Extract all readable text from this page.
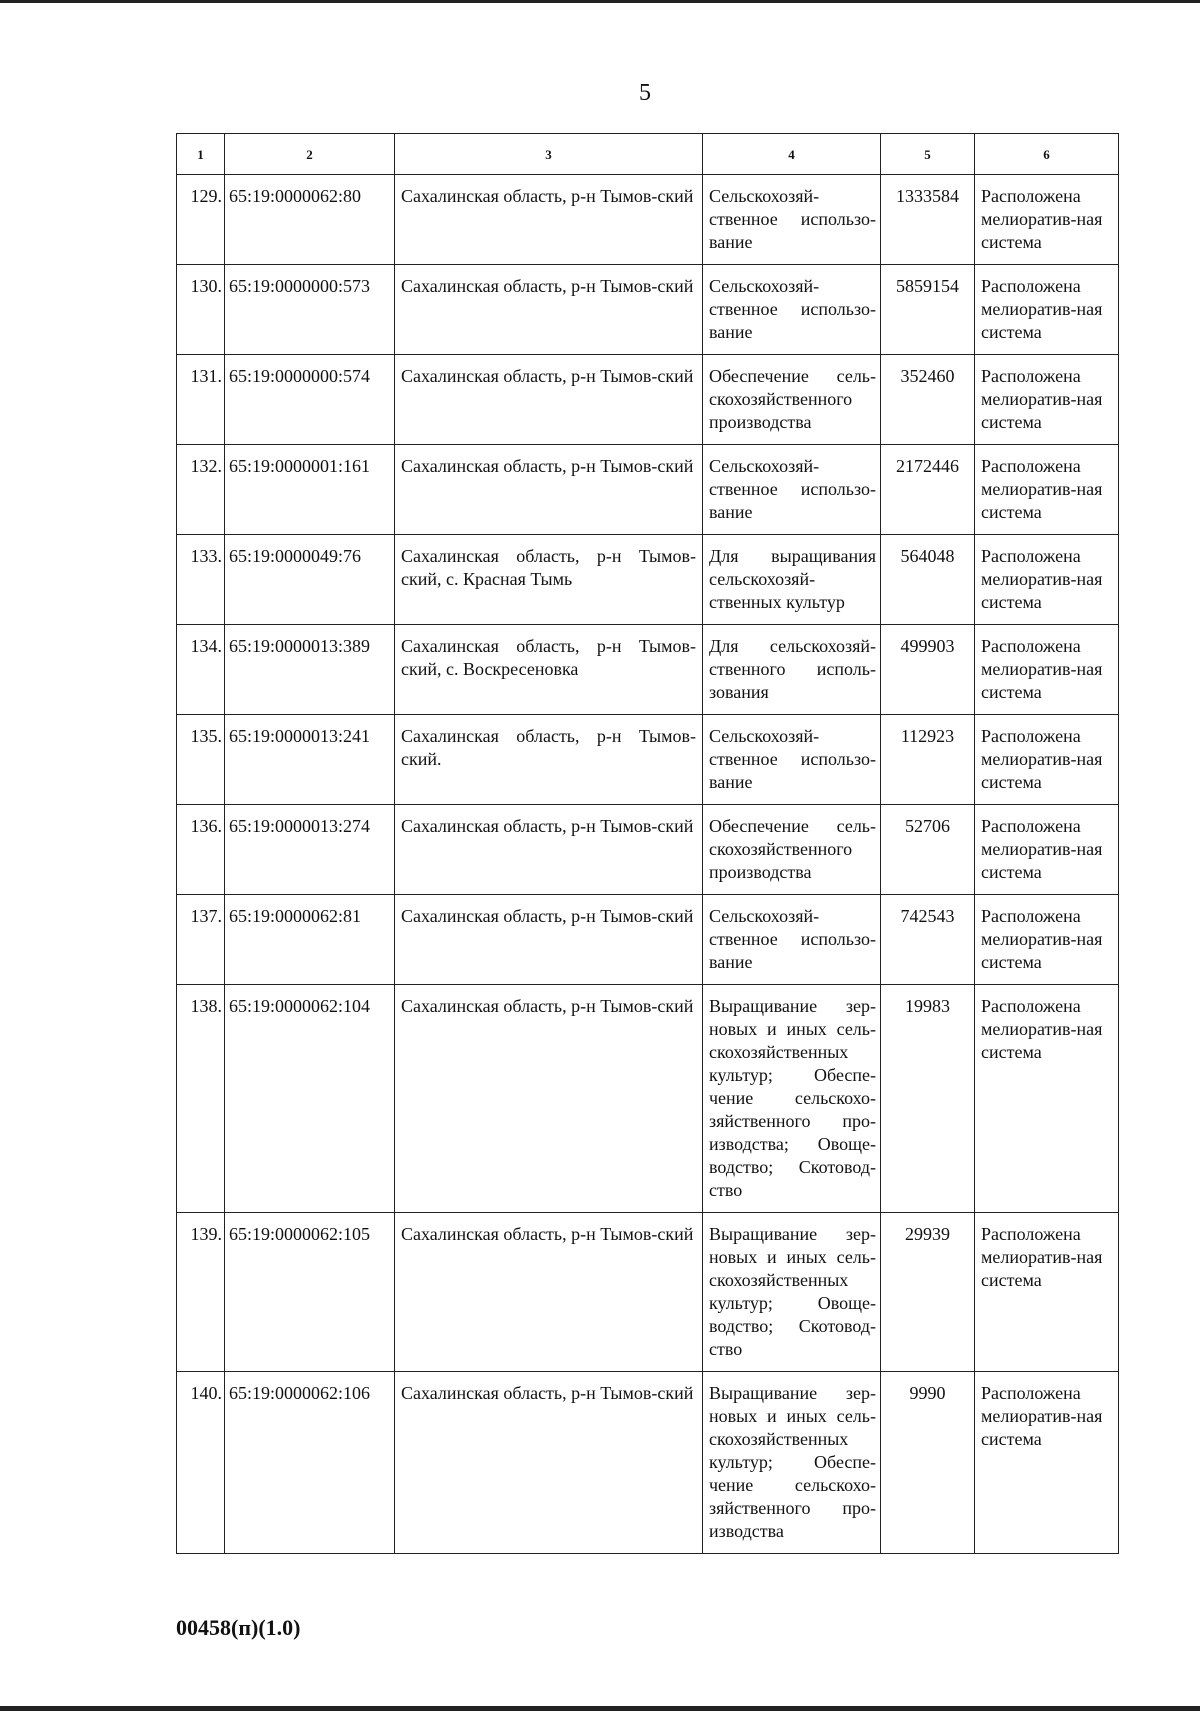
5
1	2	3	4	5	6
129.	65:19:0000062:80	Сахалинская область, р-н Тымов-ский	Сельскохозяй-ственное использо-вание	1333584	Расположена мелиоратив-ная система
130.	65:19:0000000:573	Сахалинская область, р-н Тымов-ский	Сельскохозяй-ственное использо-вание	5859154	Расположена мелиоратив-ная система
131.	65:19:0000000:574	Сахалинская область, р-н Тымов-ский	Обеспечение сель-скохозяйственного производства	352460	Расположена мелиоратив-ная система
132.	65:19:0000001:161	Сахалинская область, р-н Тымов-ский	Сельскохозяй-ственное использо-вание	2172446	Расположена мелиоратив-ная система
133.	65:19:0000049:76	Сахалинская область, р-н Тымов-ский, с. Красная Тымь	Для выращивания сельскохозяй-ственных культур	564048	Расположена мелиоратив-ная система
134.	65:19:0000013:389	Сахалинская область, р-н Тымов-ский, с. Воскресеновка	Для сельскохозяй-ственного исполь-зования	499903	Расположена мелиоратив-ная система
135.	65:19:0000013:241	Сахалинская область, р-н Тымов-ский.	Сельскохозяй-ственное использо-вание	112923	Расположена мелиоратив-ная система
136.	65:19:0000013:274	Сахалинская область, р-н Тымов-ский	Обеспечение сель-скохозяйственного производства	52706	Расположена мелиоратив-ная система
137.	65:19:0000062:81	Сахалинская область, р-н Тымов-ский	Сельскохозяй-ственное использо-вание	742543	Расположена мелиоратив-ная система
138.	65:19:0000062:104	Сахалинская область, р-н Тымов-ский	Выращивание зер-новых и иных сель-скохозяйственных культур; Обеспе-чение сельскохо-зяйственного про-изводства; Овоще-водство; Скотовод-ство	19983	Расположена мелиоратив-ная система
139.	65:19:0000062:105	Сахалинская область, р-н Тымов-ский	Выращивание зер-новых и иных сель-скохозяйственных культур; Овоще-водство; Скотовод-ство	29939	Расположена мелиоратив-ная система
140.	65:19:0000062:106	Сахалинская область, р-н Тымов-ский	Выращивание зер-новых и иных сель-скохозяйственных культур; Обеспе-чение сельскохо-зяйственного про-изводства	9990	Расположена мелиоратив-ная система
00458(п)(1.0)
